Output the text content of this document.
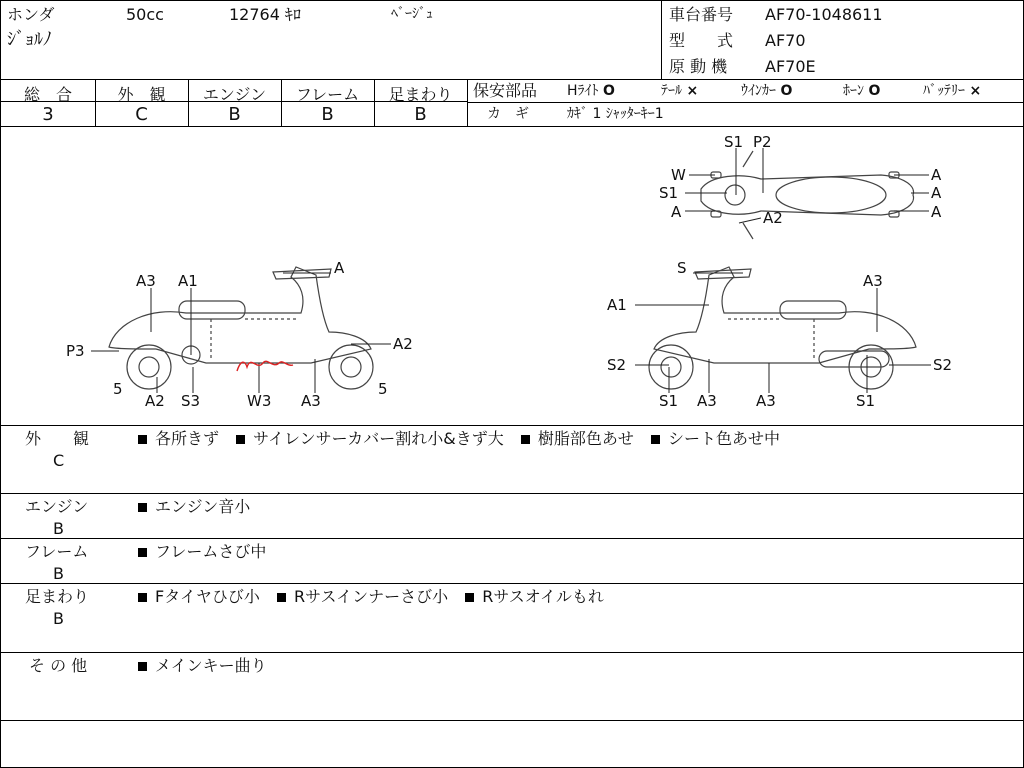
ホンダ	50cc	12764 ｷﾛ	ﾍﾞｰｼﾞｭ
ｼﾞｮﾙﾉ
車台番号 AF70-1048611
型　　式 AF70
原 動 機 AF70E
総　合	外　観	エンジン	フレーム	足まわり
3	C	B	B	B
保安部品 Hﾗｲﾄ O	ﾃｰﾙ ×	ｳｲﾝｶｰ O	ﾎｰﾝ O	ﾊﾞｯﾃﾘｰ ×
カ　ギ	ｶｷﾞ 1 ｼｬｯﾀｰｷｰ1
S1 P2
W
S1
A	A2
A
A
A
A
A3 A1
P3	A2
5
A2 S3	W3 A3
5
S
A3
A1
S2	S2
S1 A3	A3	S1
外　　観
C
各所きず サイレンサーカバー割れ小&きず大 樹脂部色あせ シート色あせ中
エンジン
B
エンジン音小
フレーム
B
フレームさび中
足まわり
B
Fタイヤひび小 Rサスインナーさび小 Rサスオイルもれ
そ の 他	メインキー曲り
